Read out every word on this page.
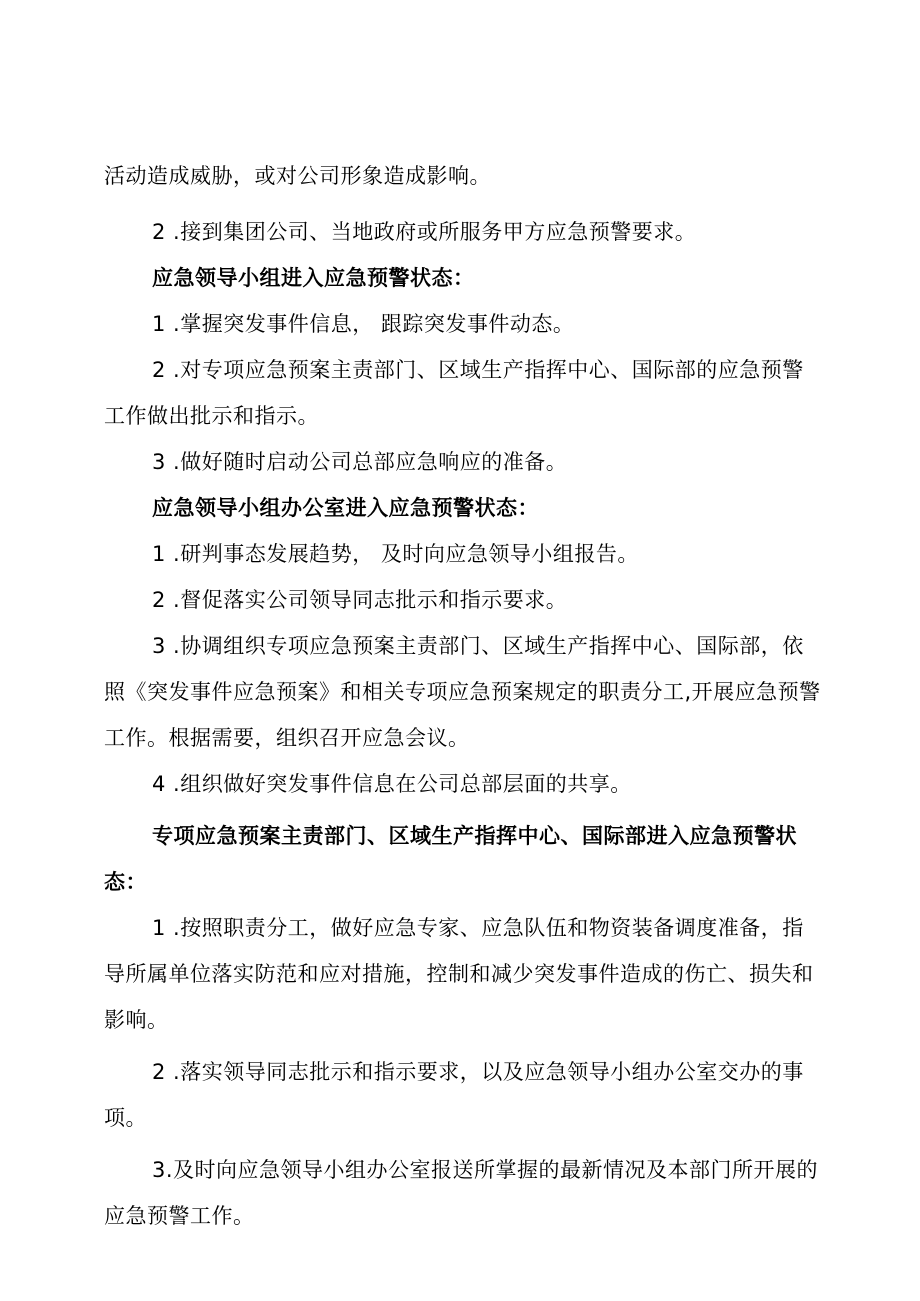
活动造成威胁，或对公司形象造成影响。

2 .接到集团公司、当地政府或所服务甲方应急预警要求。

应急领导小组进入应急预警状态：

1 .掌握突发事件信息， 跟踪突发事件动态。

2 .对专项应急预案主责部门、区域生产指挥中心、国际部的应急预警工作做出批示和指示。

3 .做好随时启动公司总部应急响应的准备。

应急领导小组办公室进入应急预警状态：

1 .研判事态发展趋势， 及时向应急领导小组报告。

2 .督促落实公司领导同志批示和指示要求。

3 .协调组织专项应急预案主责部门、区域生产指挥中心、国际部，依照《突发事件应急预案》和相关专项应急预案规定的职责分工,开展应急预警工作。根据需要，组织召开应急会议。

4 .组织做好突发事件信息在公司总部层面的共享。

专项应急预案主责部门、区域生产指挥中心、国际部进入应急预警状态：

1 .按照职责分工，做好应急专家、应急队伍和物资装备调度准备，指导所属单位落实防范和应对措施，控制和减少突发事件造成的伤亡、损失和影响。

2 .落实领导同志批示和指示要求，以及应急领导小组办公室交办的事项。

3.及时向应急领导小组办公室报送所掌握的最新情况及本部门所开展的应急预警工作。
